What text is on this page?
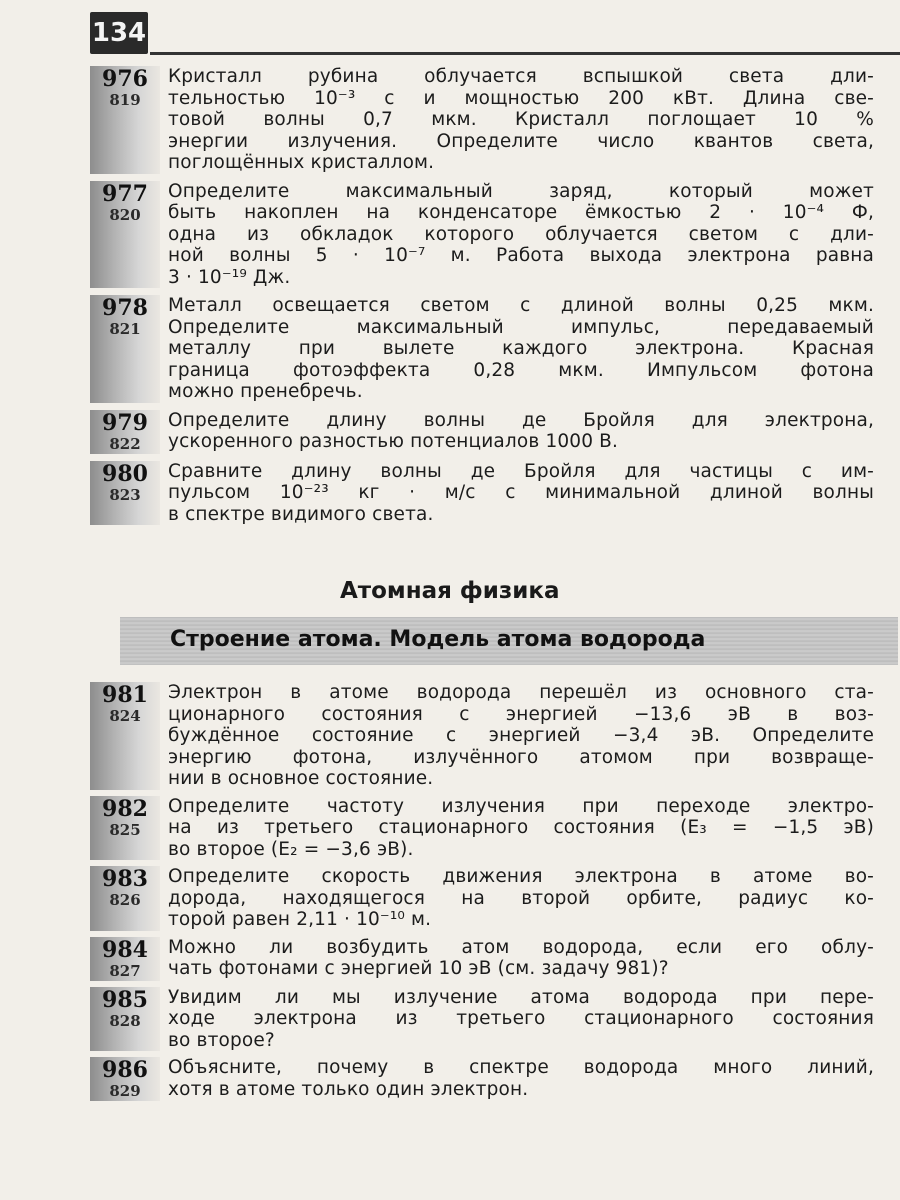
134
976
819
Кристалл рубина облучается вспышкой света дли-
тельностью 10⁻³ с и мощностью 200 кВт. Длина све-
товой волны 0,7 мкм. Кристалл поглощает 10 %
энергии излучения. Определите число квантов света,
поглощённых кристаллом.
977
820
Определите максимальный заряд, который может
быть накоплен на конденсаторе ёмкостью 2 · 10⁻⁴ Ф,
одна из обкладок которого облучается светом с дли-
ной волны 5 · 10⁻⁷ м. Работа выхода электрона равна
3 · 10⁻¹⁹ Дж.
978
821
Металл освещается светом с длиной волны 0,25 мкм.
Определите максимальный импульс, передаваемый
металлу при вылете каждого электрона. Красная
граница фотоэффекта 0,28 мкм. Импульсом фотона
можно пренебречь.
979
822
Определите длину волны де Бройля для электрона,
ускоренного разностью потенциалов 1000 В.
980
823
Сравните длину волны де Бройля для частицы с им-
пульсом 10⁻²³ кг · м/с с минимальной длиной волны
в спектре видимого света.
Атомная физика
Строение атома. Модель атома водорода
981
824
Электрон в атоме водорода перешёл из основного ста-
ционарного состояния с энергией −13,6 эВ в воз-
буждённое состояние с энергией −3,4 эВ. Определите
энергию фотона, излучённого атомом при возвраще-
нии в основное состояние.
982
825
Определите частоту излучения при переходе электро-
на из третьего стационарного состояния (E₃ = −1,5 эВ)
во второе (E₂ = −3,6 эВ).
983
826
Определите скорость движения электрона в атоме во-
дорода, находящегося на второй орбите, радиус ко-
торой равен 2,11 · 10⁻¹⁰ м.
984
827
Можно ли возбудить атом водорода, если его облу-
чать фотонами с энергией 10 эВ (см. задачу 981)?
985
828
Увидим ли мы излучение атома водорода при пере-
ходе электрона из третьего стационарного состояния
во второе?
986
829
Объясните, почему в спектре водорода много линий,
хотя в атоме только один электрон.
